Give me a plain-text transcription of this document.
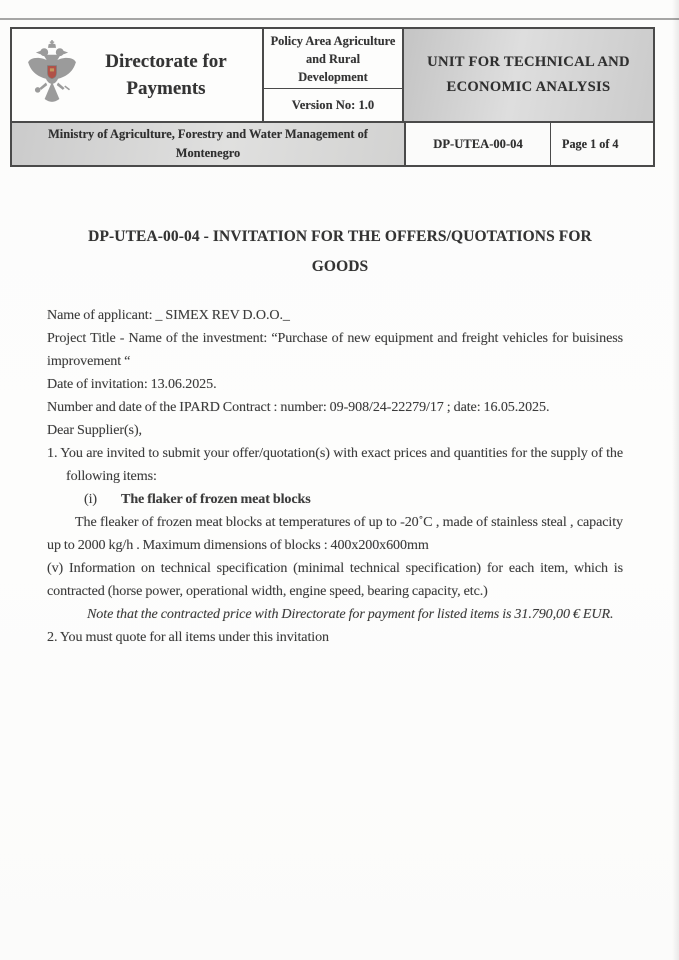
Directorate for Payments
Policy Area Agriculture and Rural Development
Version No: 1.0
UNIT FOR TECHNICAL AND ECONOMIC ANALYSIS
Ministry of Agriculture, Forestry and Water Management of Montenegro
DP-UTEA-00-04	Page 1 of 4
DP-UTEA-00-04 - INVITATION FOR THE OFFERS/QUOTATIONS FOR
GOODS

Name of applicant: _ SIMEX REV D.O.O._

Project Title - Name of the investment: “Purchase of new equipment and freight vehicles for buisiness improvement “

Date of invitation: 13.06.2025.

Number and date of the IPARD Contract : number: 09-908/24-22279/17 ; date: 16.05.2025.

Dear Supplier(s),

1. You are invited to submit your offer/quotation(s) with exact prices and quantities for the supply of the following items:

(i) The flaker of frozen meat blocks

The fleaker of frozen meat blocks at temperatures of up to -20˚C , made of stainless steal , capacity up to 2000 kg/h . Maximum dimensions of blocks : 400x200x600mm

(v) Information on technical specification (minimal technical specification) for each item, which is contracted (horse power, operational width, engine speed, bearing capacity, etc.)

Note that the contracted price with Directorate for payment for listed items is 31.790,00 € EUR.

2. You must quote for all items under this invitation
